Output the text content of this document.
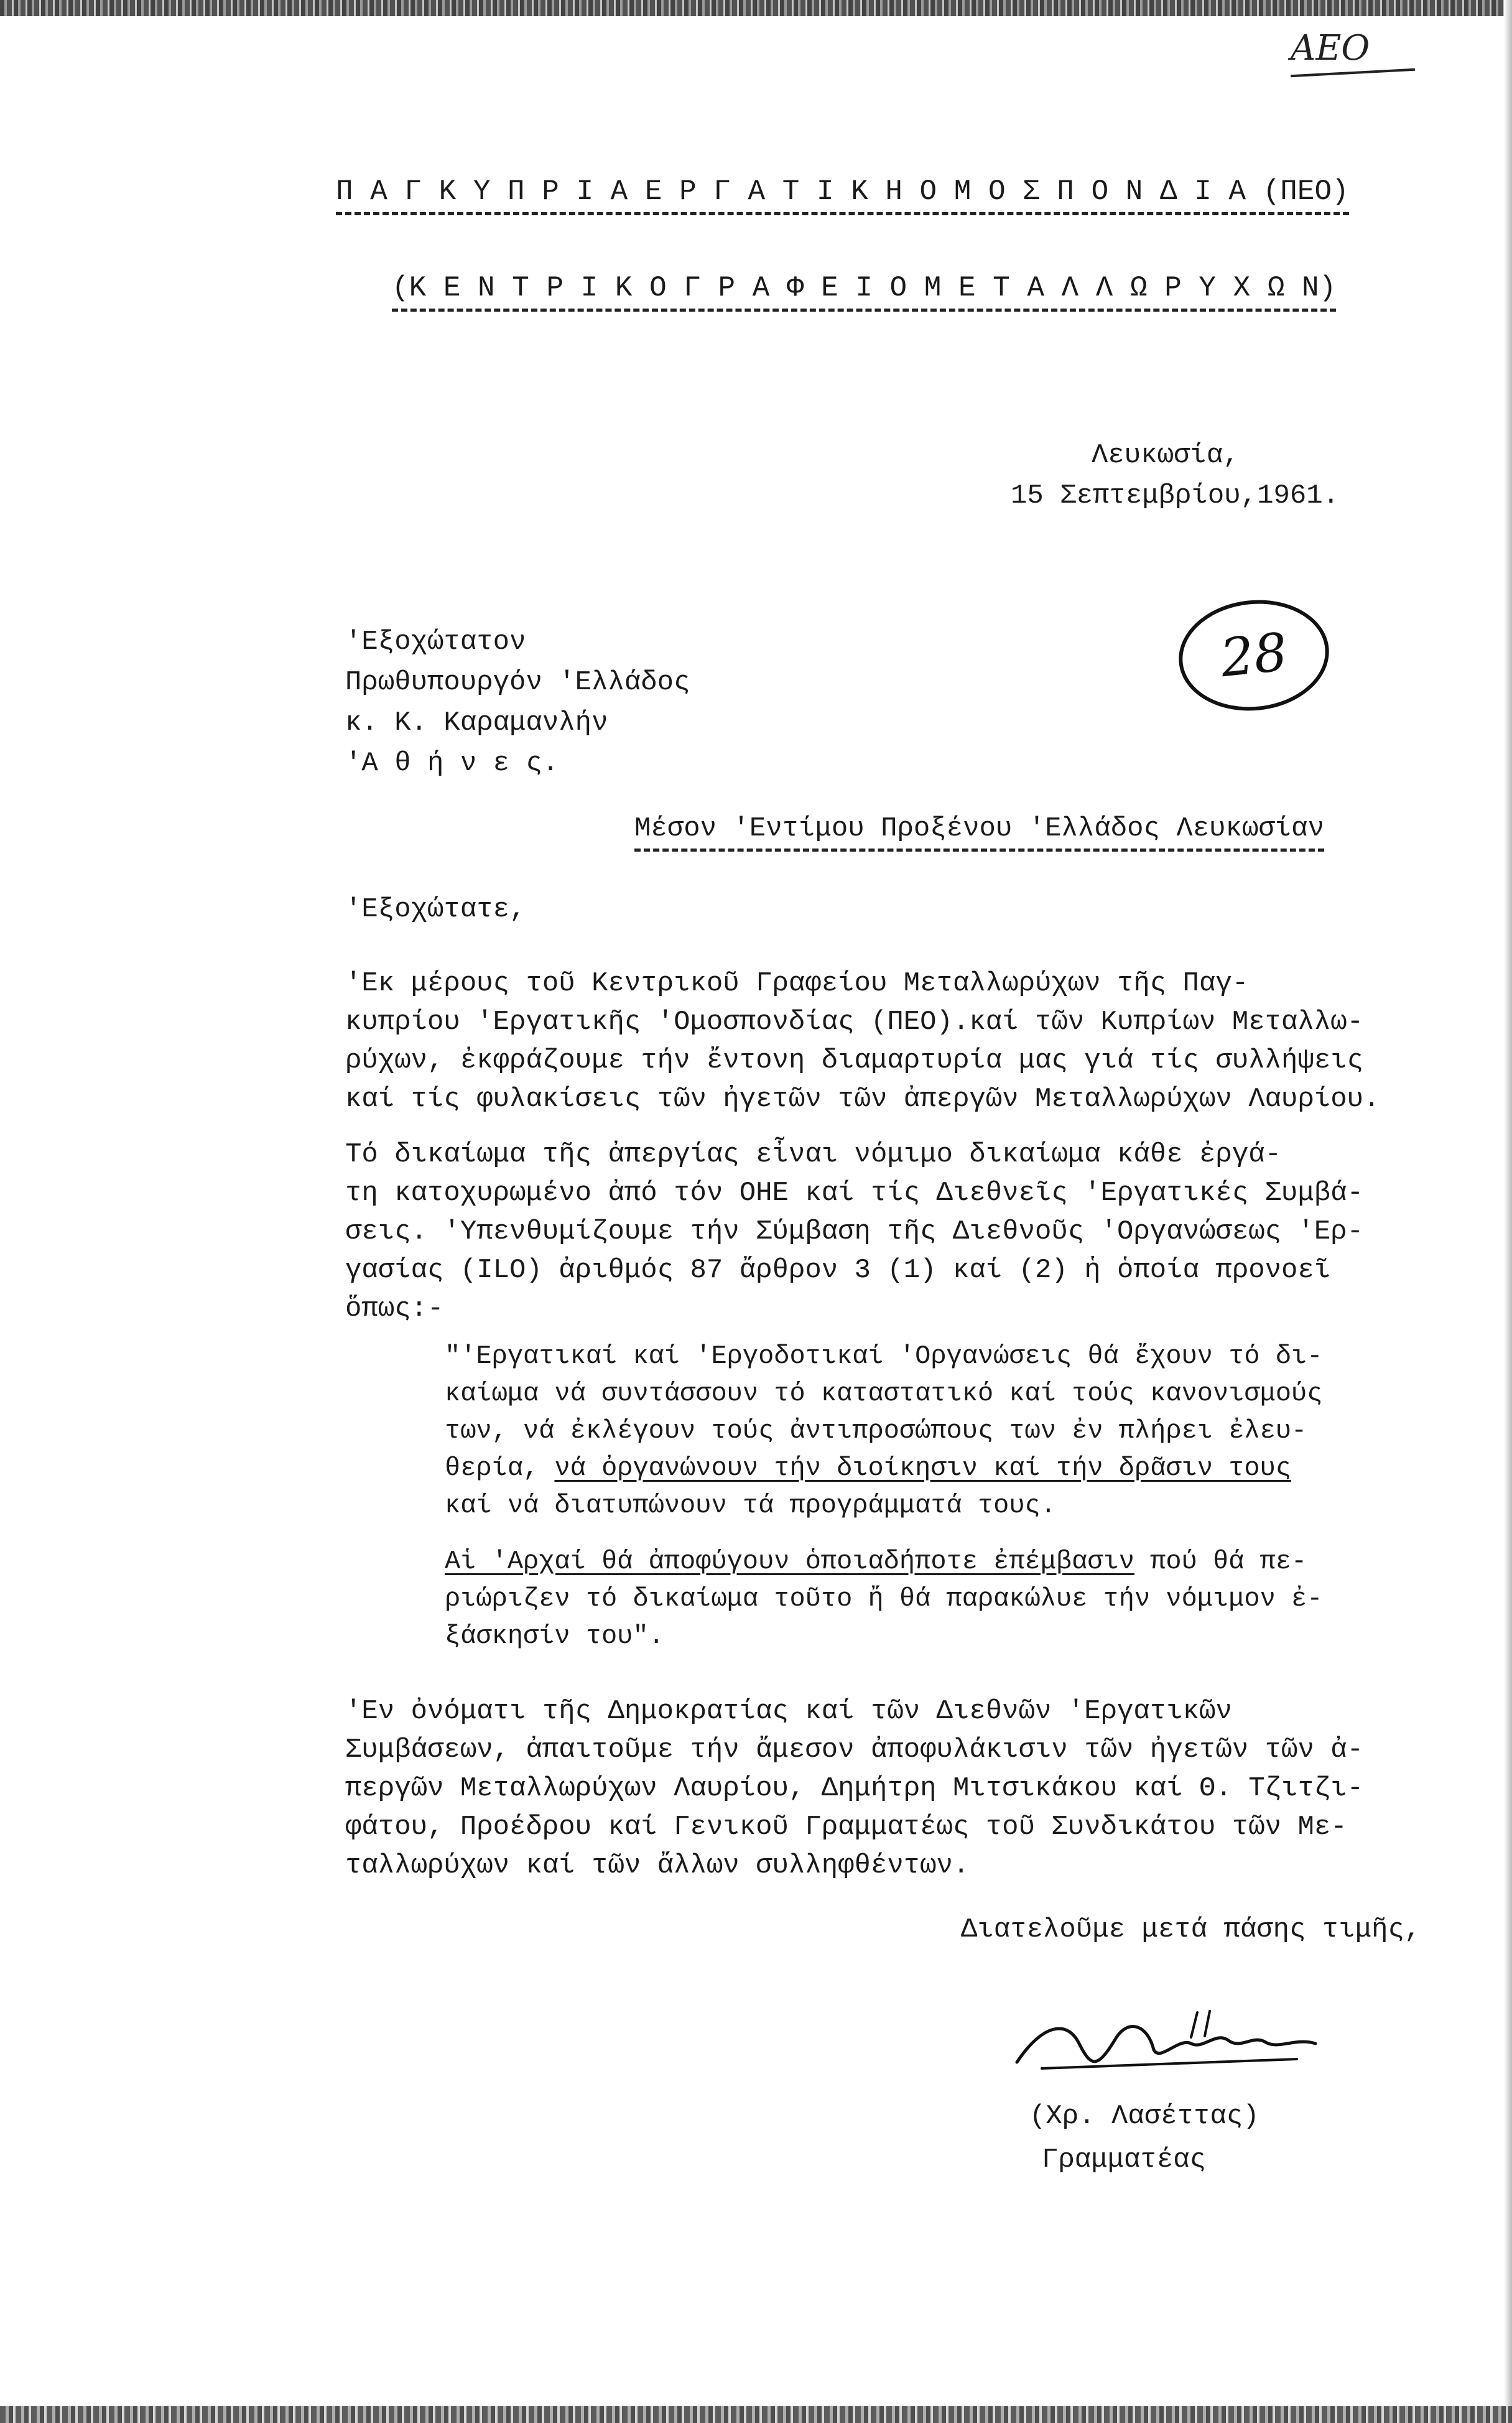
ΑΕΟ
Π Α Γ Κ Υ Π Ρ Ι Α Ε Ρ Γ Α Τ Ι Κ Η Ο Μ Ο Σ Π Ο Ν Δ Ι Α (ΠΕΟ)
(Κ Ε Ν Τ Ρ Ι Κ Ο Γ Ρ Α Φ Ε Ι Ο Μ Ε Τ Α Λ Λ Ω Ρ Υ Χ Ω Ν)
Λευκωσία,
15 Σεπτεμβρίου,1961.
28
'Εξοχώτατον
Πρωθυπουργόν 'Ελλάδος
κ. Κ. Καραμανλήν
'Α θ ή ν ε ς.
Μέσον 'Εντίμου Προξένου 'Ελλάδος Λευκωσίαν
'Εξοχώτατε,
'Εκ μέρους τοῦ Κεντρικοῦ Γραφείου Μεταλλωρύχων τῆς Παγ-
κυπρίου 'Εργατικῆς 'Ομοσπονδίας (ΠΕΟ).καί τῶν Κυπρίων Μεταλλω-
ρύχων, ἐκφράζουμε τήν ἔντονη διαμαρτυρία μας γιά τίς συλλήψεις
καί τίς φυλακίσεις τῶν ἠγετῶν τῶν ἀπεργῶν Μεταλλωρύχων Λαυρίου.
Τό δικαίωμα τῆς ἀπεργίας εἶναι νόμιμο δικαίωμα κάθε ἐργά-
τη κατοχυρωμένο ἀπό τόν ΟΗΕ καί τίς Διεθνεῖς 'Εργατικές Συμβά-
σεις. 'Υπενθυμίζουμε τήν Σύμβαση τῆς Διεθνοῦς 'Οργανώσεως 'Ερ-
γασίας (ILO) ἀριθμός 87 ἄρθρον 3 (1) καί (2) ἡ ὁποία προνοεῖ
ὅπως:-
"'Εργατικαί καί 'Εργοδοτικαί 'Οργανώσεις θά ἔχουν τό δι-
καίωμα νά συντάσσουν τό καταστατικό καί τούς κανονισμούς
των, νά ἐκλέγουν τούς ἀντιπροσώπους των ἐν πλήρει ἐλευ-
θερία, νά ὀργανώνουν τήν διοίκησιν καί τήν δρᾶσιν τους
καί νά διατυπώνουν τά προγράμματά τους.
Αἱ 'Αρχαί θά ἀποφύγουν ὁποιαδήποτε ἐπέμβασιν πού θά πε-
ριώριζεν τό δικαίωμα τοῦτο ἤ θά παρακώλυε τήν νόμιμον ἐ-
ξάσκησίν του".
'Εν ὀνόματι τῆς Δημοκρατίας καί τῶν Διεθνῶν 'Εργατικῶν
Συμβάσεων, ἀπαιτοῦμε τήν ἄμεσον ἀποφυλάκισιν τῶν ἠγετῶν τῶν ἀ-
περγῶν Μεταλλωρύχων Λαυρίου, Δημήτρη Μιτσικάκου καί Θ. Τζιτζι-
φάτου, Προέδρου καί Γενικοῦ Γραμματέως τοῦ Συνδικάτου τῶν Με-
ταλλωρύχων καί τῶν ἄλλων συλληφθέντων.
Διατελοῦμε μετά πάσης τιμῆς,
(Χρ. Λασέττας)
Γραμματέας
